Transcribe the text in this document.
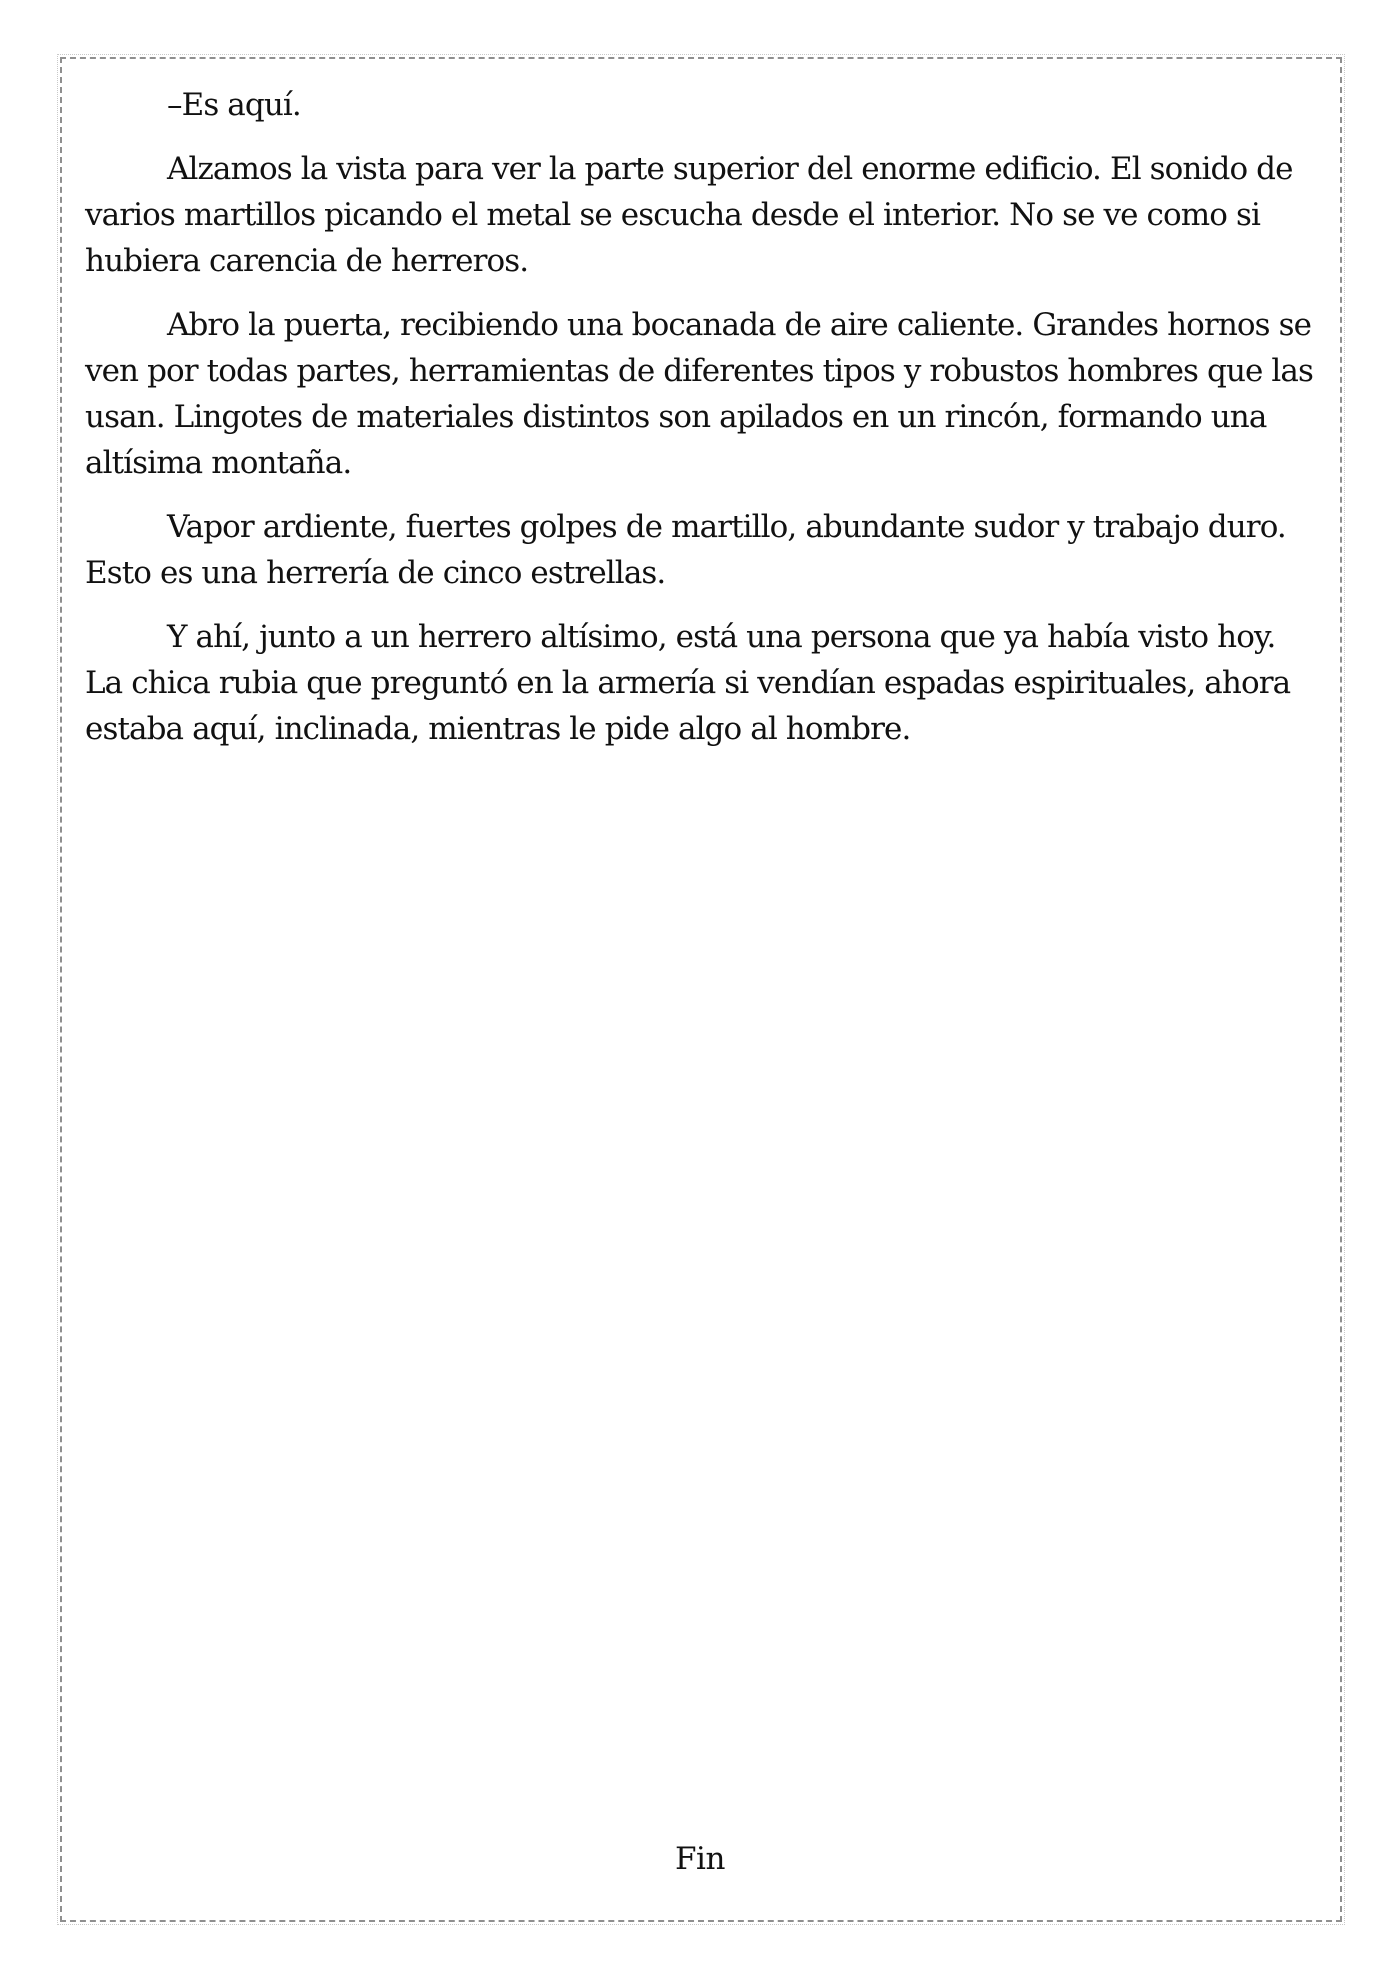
–Es aquí.

Alzamos la vista para ver la parte superior del enorme edificio. El sonido de varios martillos picando el metal se escucha desde el interior. No se ve como si hubiera carencia de herreros.

Abro la puerta, recibiendo una bocanada de aire caliente. Grandes hornos se ven por todas partes, herramientas de diferentes tipos y robustos hombres que las usan. Lingotes de materiales distintos son apilados en un rincón, formando una altísima montaña.

Vapor ardiente, fuertes golpes de martillo, abundante sudor y trabajo duro. Esto es una herrería de cinco estrellas.

Y ahí, junto a un herrero altísimo, está una persona que ya había visto hoy. La chica rubia que preguntó en la armería si vendían espadas espirituales, ahora estaba aquí, inclinada, mientras le pide algo al hombre.

Fin
